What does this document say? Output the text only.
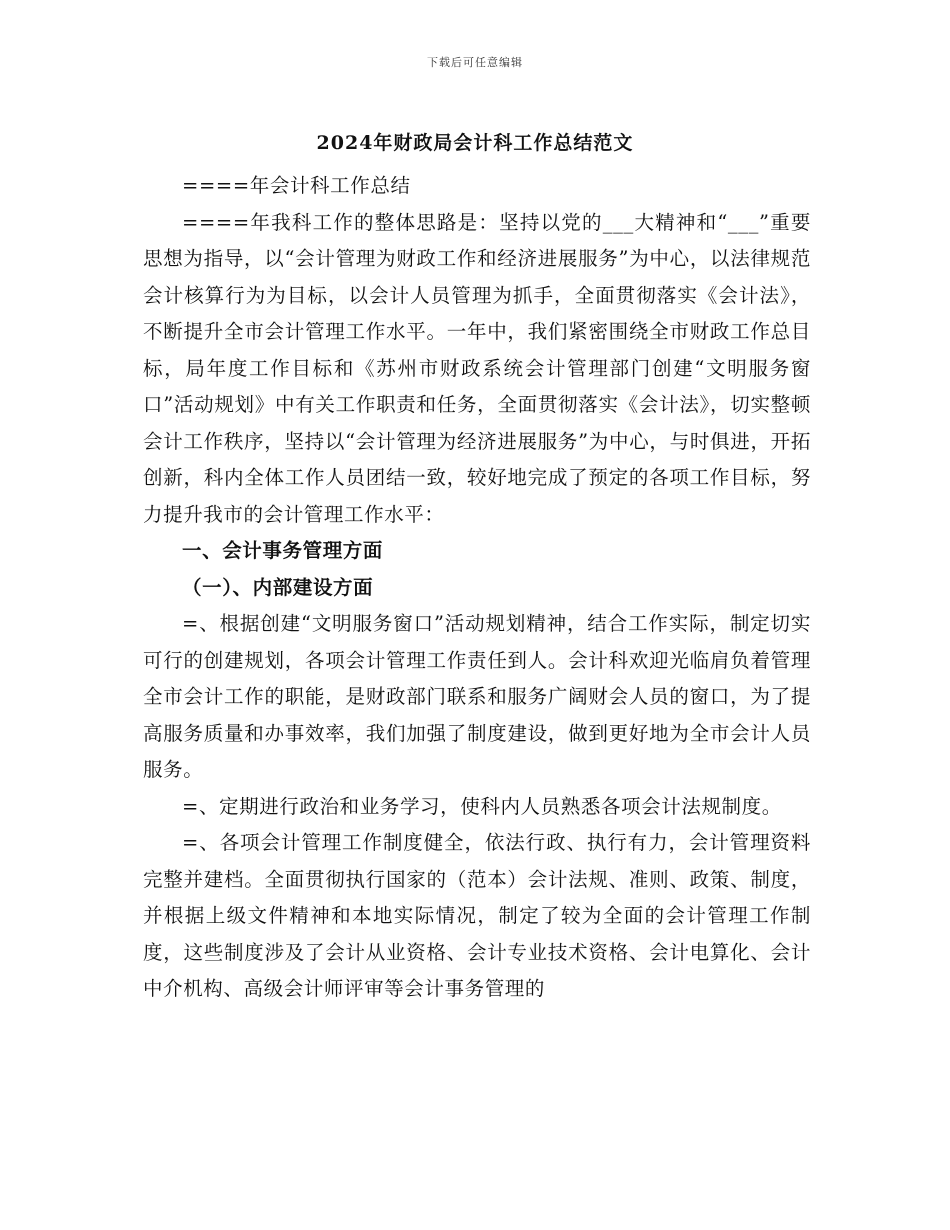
下载后可任意编辑
2024年财政局会计科工作总结范文

====年会计科工作总结

====年我科工作的整体思路是：坚持以党的___大精神和“___”重要思想为指导，以“会计管理为财政工作和经济进展服务”为中心，以法律规范会计核算行为为目标，以会计人员管理为抓手，全面贯彻落实《会计法》，不断提升全市会计管理工作水平。一年中，我们紧密围绕全市财政工作总目标，局年度工作目标和《苏州市财政系统会计管理部门创建“文明服务窗口”活动规划》中有关工作职责和任务，全面贯彻落实《会计法》，切实整顿会计工作秩序，坚持以“会计管理为经济进展服务”为中心，与时俱进，开拓创新，科内全体工作人员团结一致，较好地完成了预定的各项工作目标，努力提升我市的会计管理工作水平：

一、会计事务管理方面

（一）、内部建设方面

=、根据创建“文明服务窗口”活动规划精神，结合工作实际，制定切实可行的创建规划，各项会计管理工作责任到人。会计科欢迎光临肩负着管理全市会计工作的职能，是财政部门联系和服务广阔财会人员的窗口，为了提高服务质量和办事效率，我们加强了制度建设，做到更好地为全市会计人员服务。

=、定期进行政治和业务学习，使科内人员熟悉各项会计法规制度。

=、各项会计管理工作制度健全，依法行政、执行有力，会计管理资料完整并建档。全面贯彻执行国家的（范本）会计法规、准则、政策、制度，并根据上级文件精神和本地实际情况，制定了较为全面的会计管理工作制度，这些制度涉及了会计从业资格、会计专业技术资格、会计电算化、会计中介机构、高级会计师评审等会计事务管理的
